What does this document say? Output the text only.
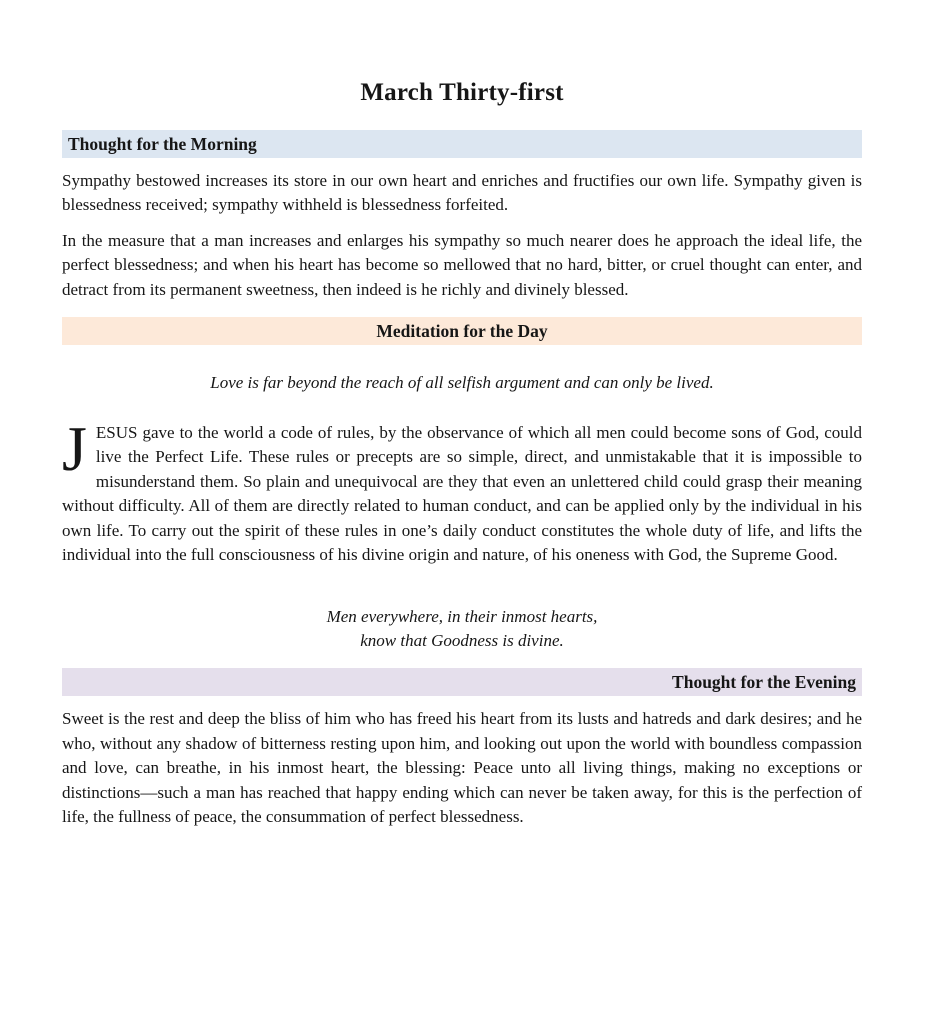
March Thirty-first
Thought for the Morning

Sympathy bestowed increases its store in our own heart and enriches and fructifies our own life. Sympathy given is blessedness received; sympathy withheld is blessedness forfeited.

In the measure that a man increases and enlarges his sympathy so much nearer does he approach the ideal life, the perfect blessedness; and when his heart has become so mellowed that no hard, bitter, or cruel thought can enter, and detract from its permanent sweetness, then indeed is he richly and divinely blessed.

Meditation for the Day

Love is far beyond the reach of all selfish argument and can only be lived.

JESUS gave to the world a code of rules, by the observance of which all men could become sons of God, could live the Perfect Life. These rules or precepts are so simple, direct, and unmistakable that it is impossible to misunderstand them. So plain and unequivocal are they that even an unlettered child could grasp their meaning without difficulty. All of them are directly related to human conduct, and can be applied only by the individual in his own life. To carry out the spirit of these rules in one’s daily conduct constitutes the whole duty of life, and lifts the individual into the full consciousness of his divine origin and nature, of his oneness with God, the Supreme Good.

Men everywhere, in their inmost hearts,
know that Goodness is divine.

Thought for the Evening

Sweet is the rest and deep the bliss of him who has freed his heart from its lusts and hatreds and dark desires; and he who, without any shadow of bitterness resting upon him, and looking out upon the world with boundless compassion and love, can breathe, in his inmost heart, the blessing: Peace unto all living things, making no exceptions or distinctions—such a man has reached that happy ending which can never be taken away, for this is the perfection of life, the fullness of peace, the consummation of perfect blessedness.
